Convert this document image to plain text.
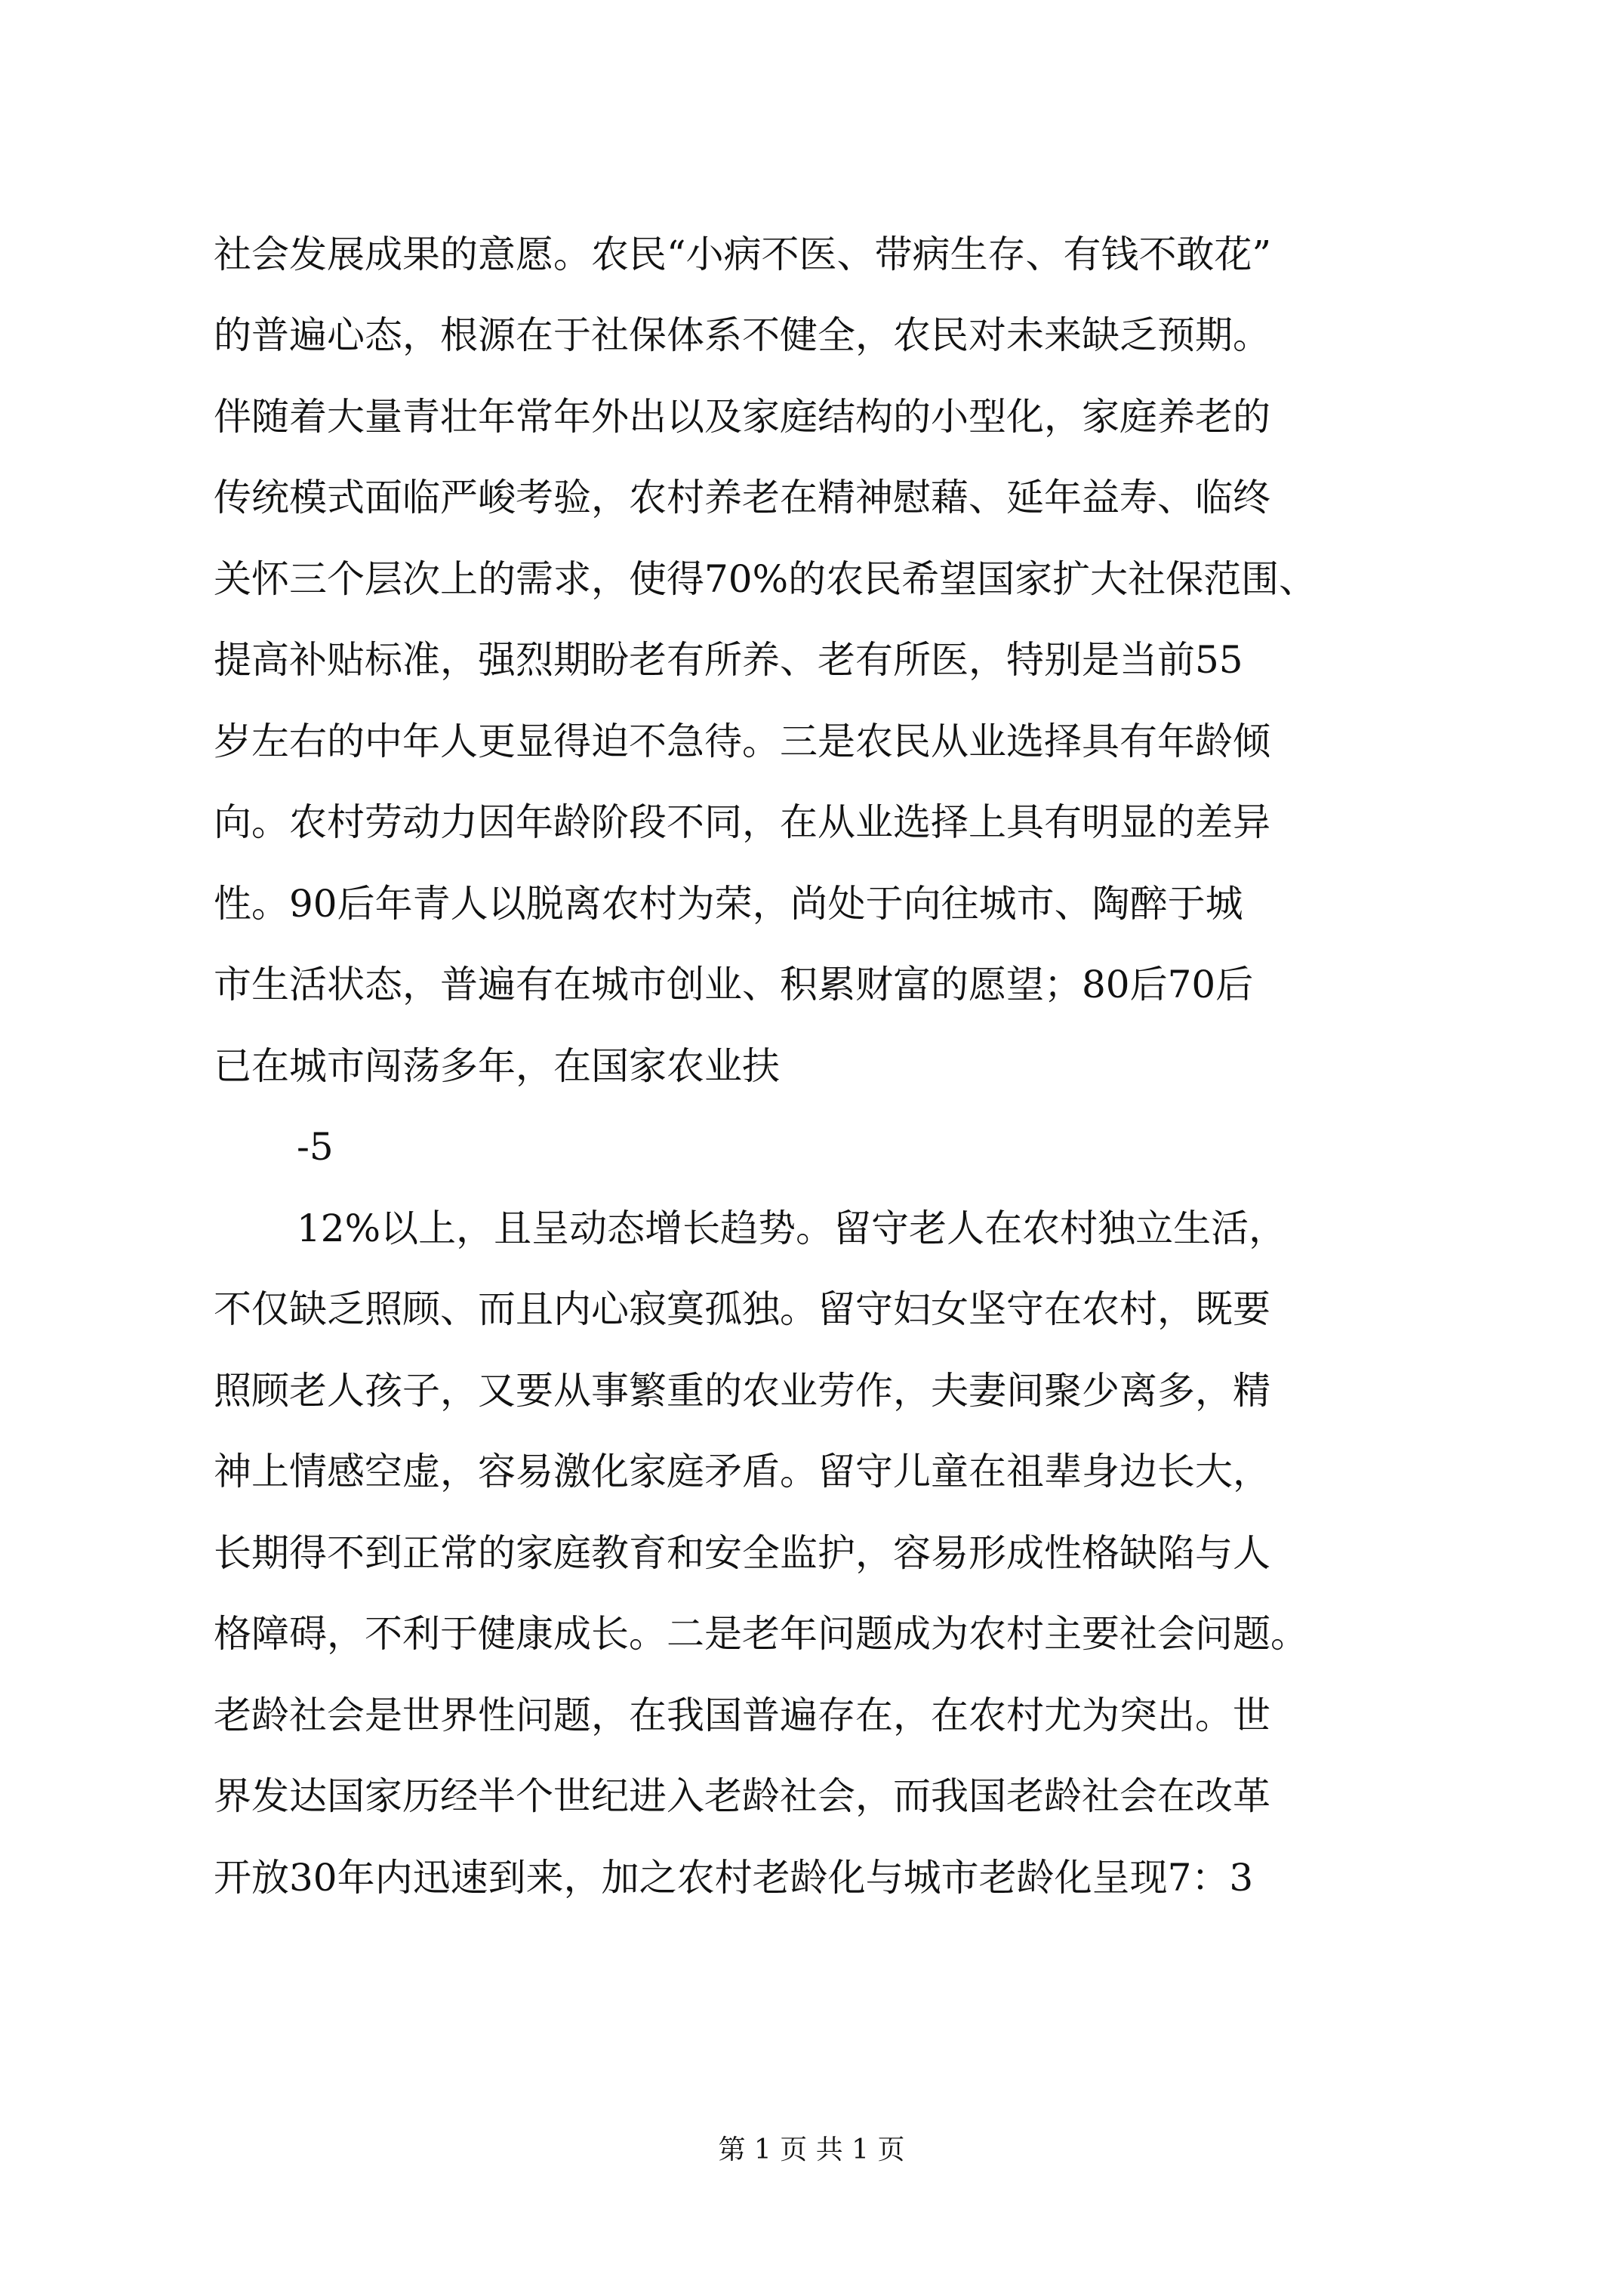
社会发展成果的意愿。农民“小病不医、带病生存、有钱不敢花”
的普遍心态，根源在于社保体系不健全，农民对未来缺乏预期。
伴随着大量青壮年常年外出以及家庭结构的小型化，家庭养老的
传统模式面临严峻考验，农村养老在精神慰藉、延年益寿、临终
关怀三个层次上的需求，使得70%的农民希望国家扩大社保范围、
提高补贴标准，强烈期盼老有所养、老有所医，特别是当前55
岁左右的中年人更显得迫不急待。三是农民从业选择具有年龄倾
向。农村劳动力因年龄阶段不同，在从业选择上具有明显的差异
性。90后年青人以脱离农村为荣，尚处于向往城市、陶醉于城
市生活状态，普遍有在城市创业、积累财富的愿望；80后70后
已在城市闯荡多年，在国家农业扶
-5
12%以上，且呈动态增长趋势。留守老人在农村独立生活，
不仅缺乏照顾、而且内心寂寞孤独。留守妇女坚守在农村，既要
照顾老人孩子，又要从事繁重的农业劳作，夫妻间聚少离多，精
神上情感空虚，容易激化家庭矛盾。留守儿童在祖辈身边长大，
长期得不到正常的家庭教育和安全监护，容易形成性格缺陷与人
格障碍，不利于健康成长。二是老年问题成为农村主要社会问题。
老龄社会是世界性问题，在我国普遍存在，在农村尤为突出。世
界发达国家历经半个世纪进入老龄社会，而我国老龄社会在改革
开放30年内迅速到来，加之农村老龄化与城市老龄化呈现7：3
第 1 页 共 1 页
